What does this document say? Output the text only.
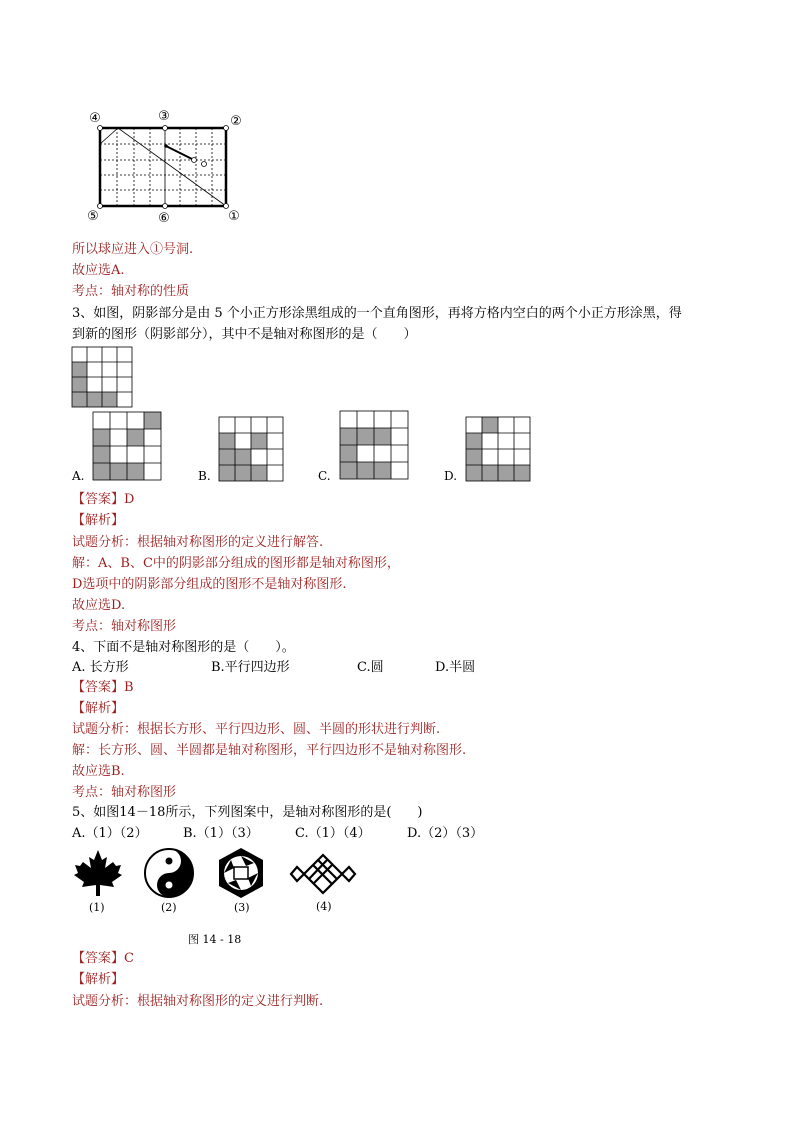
④	③	②
⑤	⑥	①
所以球应进入①号洞.
故应选A.
考点：轴对称的性质
3、如图，阴影部分是由 5 个小正方形涂黑组成的一个直角图形，再将方格内空白的两个小正方形涂黑，得
到新的图形（阴影部分），其中不是轴对称图形的是（　　）
A.	B.	C.	D.
【答案】D
【解析】
试题分析：根据轴对称图形的定义进行解答.
解：A、B、C中的阴影部分组成的图形都是轴对称图形，
D选项中的阴影部分组成的图形不是轴对称图形.
故应选D.
考点：轴对称图形
4、下面不是轴对称图形的是（　　）。
A. 长方形	B.平行四边形	C.圆	D.半圆
【答案】B
【解析】
试题分析：根据长方形、平行四边形、圆、半圆的形状进行判断.
解：长方形、圆、半圆都是轴对称图形，平行四边形不是轴对称图形.
故应选B.
考点：轴对称图形
5、如图14－18所示，下列图案中，是轴对称图形的是(　　)
A.（1）（2）	B.（1）（3）	C.（1）（4）	D.（2）（3）
(1)	(2)	(3)	(4)
图 14 - 18
【答案】C
【解析】
试题分析：根据轴对称图形的定义进行判断.
